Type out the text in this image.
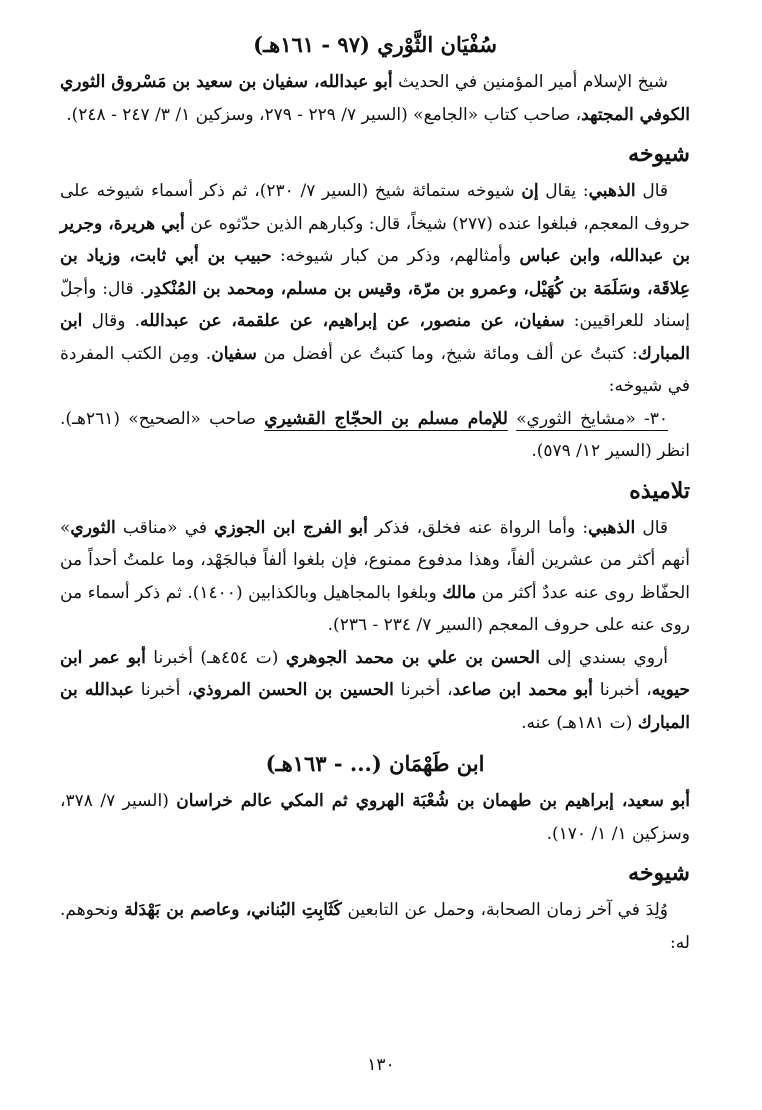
سُفْيَان الثَّوْري (٩٧ - ١٦١هـ)

شيخ الإسلام أمير المؤمنين في الحديث أبو عبدالله، سفيان بن سعيد بن مَسْروق الثوري الكوفي المجتهد، صاحب كتاب «الجامع» (السير ٧/ ٢٢٩ - ٢٧٩، وسزكين ١/ ٣/ ٢٤٧ - ٢٤٨).

شيوخه

قال الذهبي: يقال إن شيوخه ستمائة شيخ (السير ٧/ ٢٣٠)، ثم ذكر أسماء شيوخه على حروف المعجم، فبلغوا عنده (٢٧٧) شيخاً، قال: وكبارهم الذين حدّثوه عن أبي هريرة، وجرير بن عبدالله، وابن عباس وأمثالهم، وذكر من كبار شيوخه: حبيب بن أبي ثابت، وزياد بن عِلاقَة، وسَلَمَة بن كُهَيْل، وعمرو بن مرّة، وقيس بن مسلم، ومحمد بن المُنْكدِر. قال: وأجلّ إسناد للعراقيين: سفيان، عن منصور، عن إبراهيم، عن علقمة، عن عبدالله. وقال ابن المبارك: كتبتُ عن ألف ومائة شيخ، وما كتبتُ عن أفضل من سفيان. ومِن الكتب المفردة في شيوخه:

٣٠- «مشايخ الثوري» للإمام مسلم بن الحجّاج القشيري صاحب «الصحيح» (٢٦١هـ). انظر (السير ١٢/ ٥٧٩).

تلاميذه

قال الذهبي: وأما الرواة عنه فخلق، فذكر أبو الفرج ابن الجوزي في «مناقب الثوري» أنهم أكثر من عشرين ألفاً، وهذا مدفوع ممنوع، فإن بلغوا ألفاً فبالجَهْد، وما علمتُ أحداً من الحفّاظ روى عنه عددٌ أكثر من مالك وبلغوا بالمجاهيل وبالكذابين (١٤٠٠). ثم ذكر أسماء من روى عنه على حروف المعجم (السير ٧/ ٢٣٤ - ٢٣٦).

أروي بسندي إلى الحسن بن علي بن محمد الجوهري (ت ٤٥٤هـ) أخبرنا أبو عمر ابن حيويه، أخبرنا أبو محمد ابن صاعد، أخبرنا الحسين بن الحسن المروذي، أخبرنا عبدالله بن المبارك (ت ١٨١هـ) عنه.

ابن طَهْمَان (... - ١٦٣هـ)

أبو سعيد، إبراهيم بن طهمان بن شُعْبَة الهروي ثم المكي عالم خراسان (السير ٧/ ٣٧٨، وسزكين ١/ ١/ ١٧٠).

شيوخه

وُلِدَ في آخر زمان الصحابة، وحمل عن التابعين كَثَابِتِ البُناني، وعاصم بن بَهْدَلة ونحوهم. له:

١٣٠
